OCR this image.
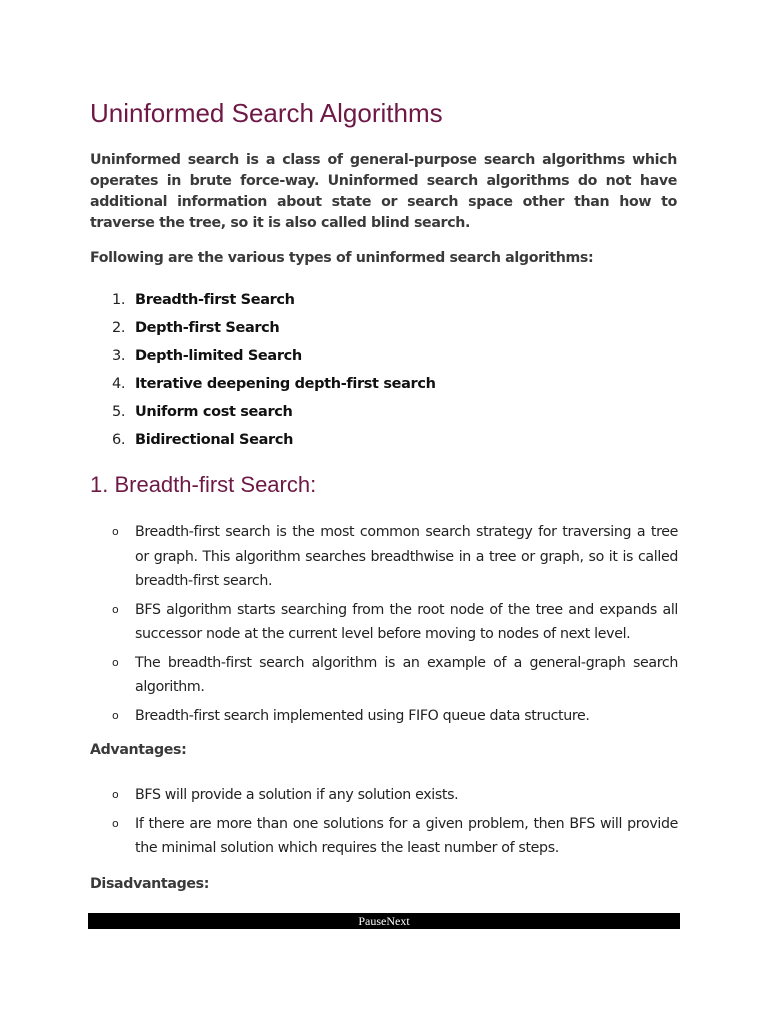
Uninformed Search Algorithms

Uninformed search is a class of general-purpose search algorithms which operates in brute force-way. Uninformed search algorithms do not have additional information about state or search space other than how to traverse the tree, so it is also called blind search.

Following are the various types of uninformed search algorithms:

1. Breadth-first Search
2. Depth-first Search
3. Depth-limited Search
4. Iterative deepening depth-first search
5. Uniform cost search
6. Bidirectional Search
1. Breadth-first Search:
o Breadth-first search is the most common search strategy for traversing a tree or graph. This algorithm searches breadthwise in a tree or graph, so it is called breadth-first search.
o BFS algorithm starts searching from the root node of the tree and expands all successor node at the current level before moving to nodes of next level.
o The breadth-first search algorithm is an example of a general-graph search algorithm.
o Breadth-first search implemented using FIFO queue data structure.

Advantages:

o BFS will provide a solution if any solution exists.
o If there are more than one solutions for a given problem, then BFS will provide the minimal solution which requires the least number of steps.

Disadvantages:

PauseNext
